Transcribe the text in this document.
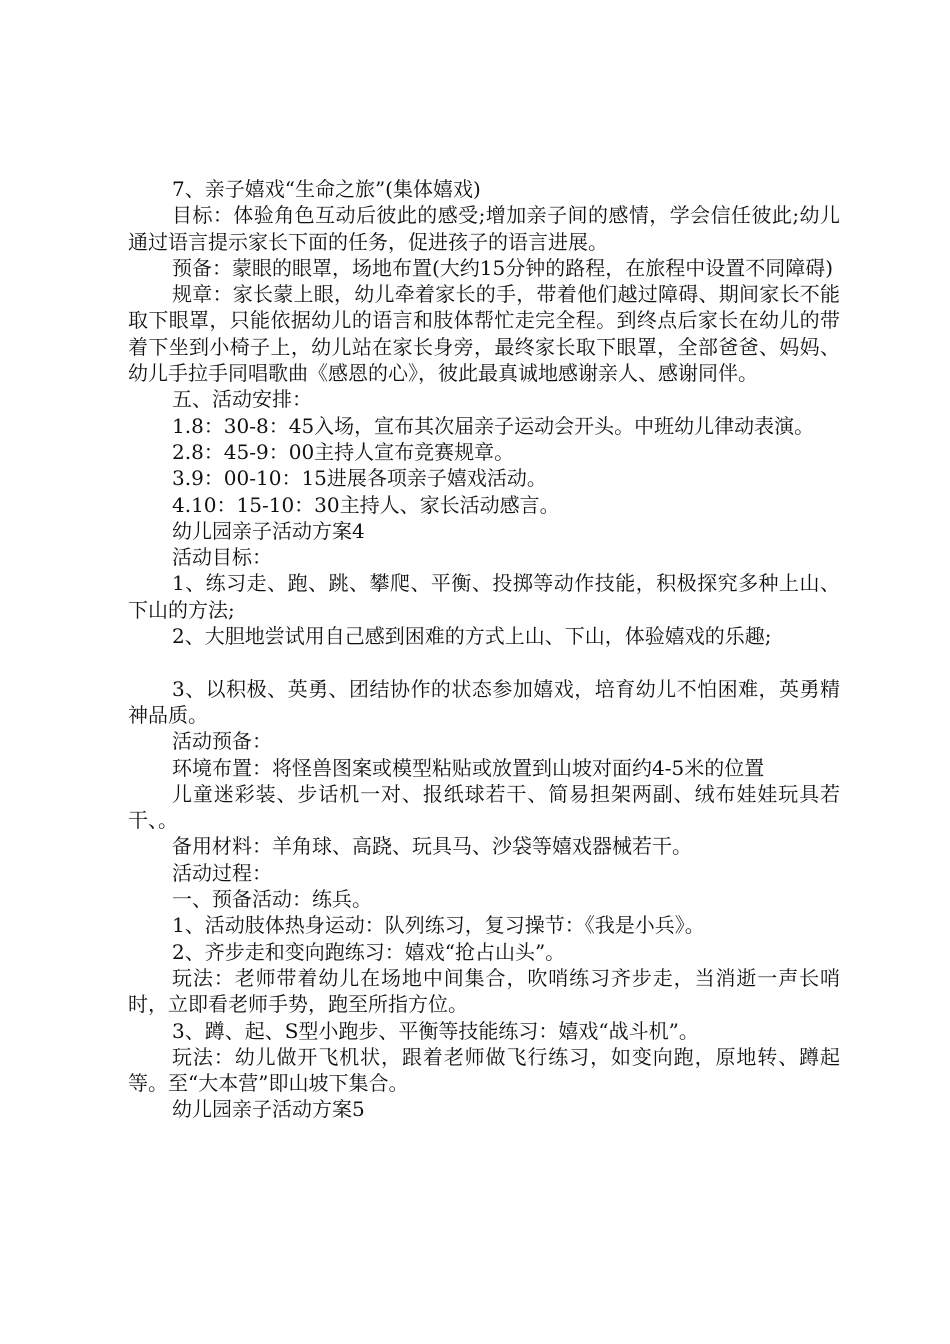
7、亲子嬉戏“生命之旅”(集体嬉戏)

目标：体验角色互动后彼此的感受;增加亲子间的感情，学会信任彼此;幼儿通过语言提示家长下面的任务，促进孩子的语言进展。

预备：蒙眼的眼罩，场地布置(大约15分钟的路程，在旅程中设置不同障碍)

规章：家长蒙上眼，幼儿牵着家长的手，带着他们越过障碍、期间家长不能取下眼罩，只能依据幼儿的语言和肢体帮忙走完全程。到终点后家长在幼儿的带着下坐到小椅子上，幼儿站在家长身旁，最终家长取下眼罩，全部爸爸、妈妈、幼儿手拉手同唱歌曲《感恩的心》，彼此最真诚地感谢亲人、感谢同伴。

五、活动安排：

1.8：30-8：45入场，宣布其次届亲子运动会开头。中班幼儿律动表演。

2.8：45-9：00主持人宣布竞赛规章。

3.9：00-10：15进展各项亲子嬉戏活动。

4.10：15-10：30主持人、家长活动感言。

幼儿园亲子活动方案4

活动目标：

1、练习走、跑、跳、攀爬、平衡、投掷等动作技能，积极探究多种上山、下山的方法;

2、大胆地尝试用自己感到困难的方式上山、下山，体验嬉戏的乐趣;

3、以积极、英勇、团结协作的状态参加嬉戏，培育幼儿不怕困难，英勇精神品质。

活动预备：

环境布置：将怪兽图案或模型粘贴或放置到山坡对面约4-5米的位置

儿童迷彩装、步话机一对、报纸球若干、简易担架两副、绒布娃娃玩具若干、。

备用材料：羊角球、高跷、玩具马、沙袋等嬉戏器械若干。

活动过程：

一、预备活动：练兵。

1、活动肢体热身运动：队列练习，复习操节：《我是小兵》。

2、齐步走和变向跑练习：嬉戏“抢占山头”。

玩法：老师带着幼儿在场地中间集合，吹哨练习齐步走，当消逝一声长哨时，立即看老师手势，跑至所指方位。

3、蹲、起、S型小跑步、平衡等技能练习：嬉戏“战斗机”。

玩法：幼儿做开飞机状，跟着老师做飞行练习，如变向跑，原地转、蹲起等。至“大本营”即山坡下集合。

幼儿园亲子活动方案5
